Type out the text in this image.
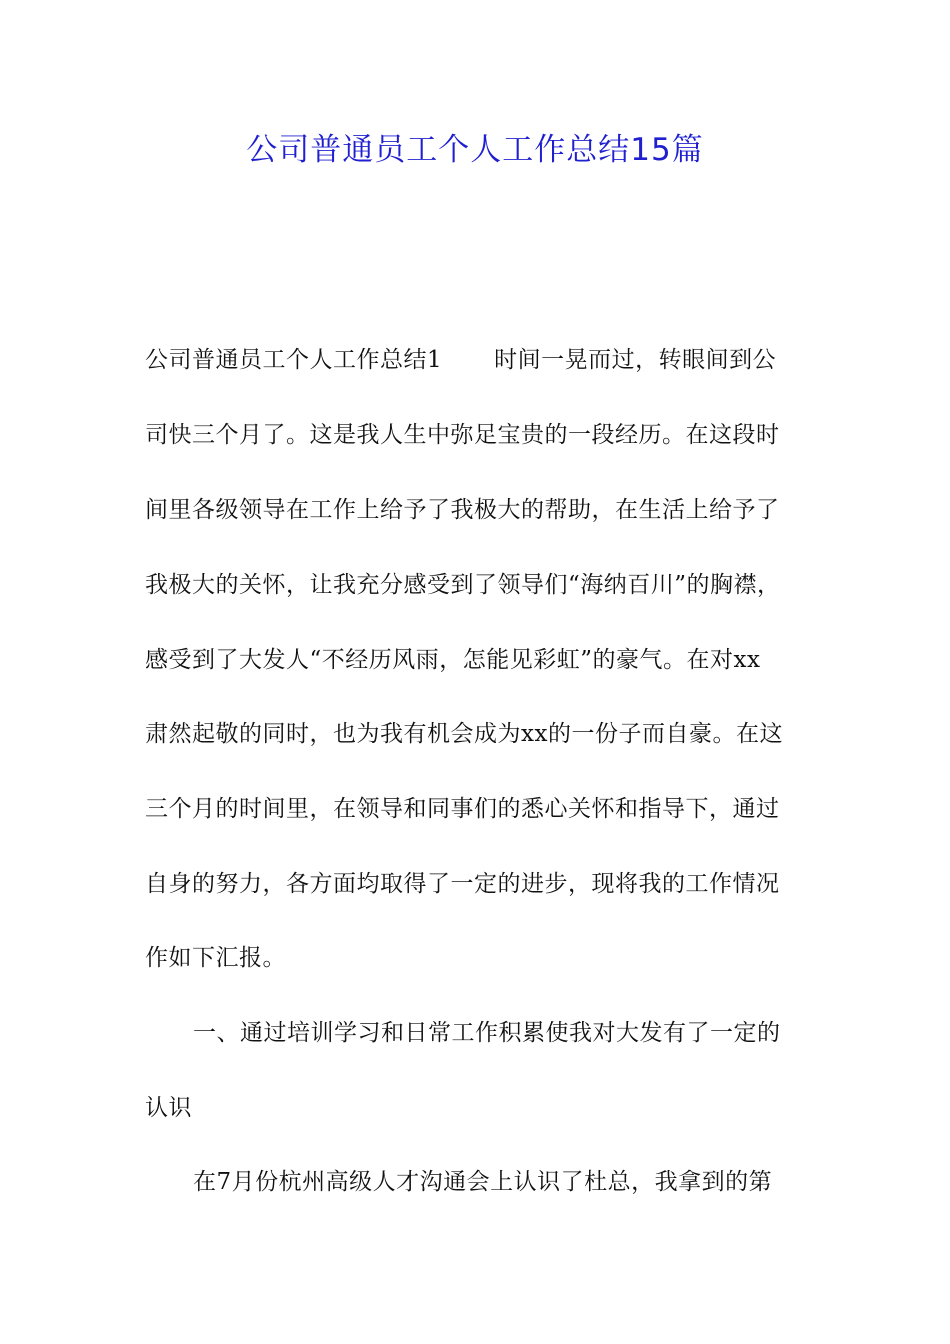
公司普通员工个人工作总结15篇
公司普通员工个人工作总结1 时间一晃而过，转眼间到公
司快三个月了。这是我人生中弥足宝贵的一段经历。在这段时
间里各级领导在工作上给予了我极大的帮助，在生活上给予了
我极大的关怀，让我充分感受到了领导们“海纳百川”的胸襟，
感受到了大发人“不经历风雨，怎能见彩虹”的豪气。在对xx
肃然起敬的同时，也为我有机会成为xx的一份子而自豪。在这
三个月的时间里，在领导和同事们的悉心关怀和指导下，通过
自身的努力，各方面均取得了一定的进步，现将我的工作情况
作如下汇报。
一、通过培训学习和日常工作积累使我对大发有了一定的
认识
在7月份杭州高级人才沟通会上认识了杜总，我拿到的第
